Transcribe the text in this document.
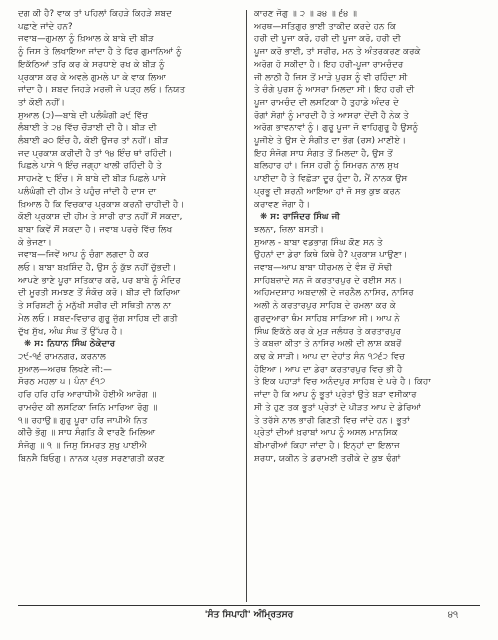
ਦਗ ਕੀ ਹੈ? ਵਾਕ ਤਾਂ ਪਹਿਲਾਂ ਕਿਹੜੇ ਕਿਹੜੇ ਸ਼ਬਦ
ਪਛਾਣੇ ਜਾਂਦੇ ਹਨ?
ਜਵਾਬ—ਗੁਮਲਾ ਨੂੰ ਖ਼ਿਆਲ ਕੇ ਬਾਬੇ ਦੀ ਬੀੜ
ਨੂੰ ਜਿਸ ਤੇ ਲਿਖਾਇਆ ਜਾਂਦਾ ਹੈ ਤੇ ਫਿਰ ਗੁਮਾਨਿਆਂ ਨੂੰ
ਇਕੱਠਿਆਂ ਤਰਿ ਕਰ ਕੇ ਸਰਧਾਏ ਰਖ ਕੇ ਬੀੜ ਨੂੰ
ਪ੍ਰਕਾਸ਼ ਕਰ ਕੇ ਅਵਲੇ ਗੁਮਲੇ ਪਾ ਕੇ ਵਾਕ ਲਿਆ
ਜਾਂਦਾ ਹੈ। ਸ਼ਬਦ ਜਿਹੜੇ ਮਰਜ਼ੀ ਜੇ ਪੜ੍ਹ ਲਓ। ਨਿਯਤ
ਤਾਂ ਕੋਈ ਨਹੀਂ।
ਸੁਆਲ (੨)—ਬਾਬੇ ਦੀ ਪਲੰਘੰਗੀ ੩੯ ਵਿੱਚ
ਲੰਬਾਈ ਤੇ ੨੪ ਵਿੱਚ ਚੌੜਾਈ ਦੀ ਹੈ। ਬੀੜ ਦੀ
ਲੰਬਾਈ ੩੦ ਇੰਚ ਹੈ, ਕੋਈ ਉਜਰ ਤਾਂ ਨਹੀਂ। ਬੀੜ
ਜਦ ਪ੍ਰਕਾਸ਼ ਕਰੀਦੀ ਹੈ ਤਾਂ ੧੪ ਇੰਚ ਥਾਂ ਰਹਿੰਦੀ।
ਪਿਛਲੇ ਪਾਸੇ ੧ ਇੰਚ ਜਗ੍ਹਾ ਖਾਲੀ ਰਹਿੰਦੀ ਹੈ ਤੇ
ਸਾਹਮਣੇ ੮ ਇੰਚ। ਸੋ ਬਾਬੇ ਦੀ ਬੀੜ ਪਿਛਲੇ ਪਾਸੇ
ਪਲੰਘੰਗੀ ਦੀ ਹੀਮ ਤੇ ਪਹੁੰਚ ਜਾਂਦੀ ਹੈ ਦਾਸ ਦਾ
ਖ਼ਿਆਲ ਹੈ ਕਿ ਵਿਚਕਾਰ ਪ੍ਰਕਾਸ਼ ਕਰਨੀ ਚਾਹੀਦੀ ਹੈ।
ਕੋਈ ਪ੍ਰਕਾਸ਼ ਦੀ ਹੀਮ ਤੇ ਸਾਰੀ ਰਾਤ ਨਹੀਂ ਸੌਂ ਸਕਦਾ,
ਬਾਬਾ ਕਿਵੇਂ ਸੌਂ ਸਕਦਾ ਹੈ। ਜਵਾਬ ਪਰਚੇ ਵਿੱਚ ਲਿਖ
ਕੇ ਭੇਜਣਾ।
ਜਵਾਬ—ਜਿਵੇਂ ਆਪ ਨੂੰ ਚੰਗਾ ਲਗਦਾ ਹੈ ਕਰ
ਲਓ। ਬਾਬਾ ਬਖ਼ਸ਼ਿੰਦ ਹੈ, ਉਸ ਨੂੰ ਕੁੱਝ ਨਹੀਂ ਚੁੱਭਦੀ।
ਆਪਣੇ ਭਾਣੇ ਪੂਰਾ ਸਤਿਕਾਰ ਕਰੋ, ਪਰ ਬਾਬੇ ਨੂੰ ਮੰਦਿਰ
ਦੀ ਮੂਰਤੀ ਸਮਝਣ ਤੋਂ ਸੰਕੋਚ ਕਰੋ। ਬੀੜ ਦੀ ਕਿਰਿਆ
ਤੇ ਸਰਿਸ਼ਟੀ ਨੂੰ ਮਨੁੱਖੀ ਸਰੀਰ ਦੀ ਸਥਿਤੀ ਨਾਲ ਨਾ
ਮੇਲ ਲਓ। ਸ਼ਬਦ-ਵਿਚਾਰ ਗੁਰੂ ਜੁੱਗ ਸਾਹਿਬ ਦੀ ਗਤੀ
ਦੁੱਖ ਸੁੱਖ, ਅੰਘ ਸੰਘ ਤੋਂ ਉੱਪਰ ਹੈ।
❋ ਸ: ਨਿਧਾਨ ਸਿੰਘ ਠੇਕੇਦਾਰ
੨੯-੧੬ ਰਾਮਨਗਰ, ਕਰਨਾਲ
ਸੁਆਲ—ਅਰਥ ਲਿਖਣੇ ਜੀ:—
ਸੋਰਠ ਮਹਲਾ ੫। ਪੰਨਾ ੬੧੭
ਹਰਿ ਹਰਿ ਹਰਿ ਆਰਾਧੀਐ ਹੋਈਐ ਆਰੋਗ ॥
ਰਾਮਚੰਦ ਕੀ ਲਸਟਿਕਾ ਜਿਨਿ ਮਾਰਿਆ ਰੋਗੁ ॥
੧॥ ਰਹਾਉ॥ ਗੁਰੁ ਪੂਰਾ ਹਰਿ ਜਾਪੀਐ ਨਿਤ
ਕੀਚੈ ਭੋਗੁ ॥ ਸਾਧ ਸੰਗਤਿ ਕੈ ਵਾਰਣੈ ਮਿਲਿਆ
ਸੰਜੋਗੁ ॥ ੧ ॥ ਜਿਸੁ ਸਿਮਰਤ ਸੁਖੁ ਪਾਈਐ
ਬਿਨਸੈ ਬਿਓਗੁ। ਨਾਨਕ ਪ੍ਰਭ ਸਰਣਾਗਤੀ ਕਰਣ
ਕਾਰਣ ਜੋਗੁ ॥ ੨ ॥ ੩੪ ॥ ੬੪ ॥
ਅਰਥ—ਸਤਿਗੁਰ ਭਾਈ ਤਾਕੀਦ ਕਰਦੇ ਹਨ ਕਿ
ਹਰੀ ਦੀ ਪੂਜਾ ਕਰੋ, ਹਰੀ ਦੀ ਪੂਜਾ ਕਰੋ, ਹਰੀ ਦੀ
ਪੂਜਾ ਕਰੋ ਭਾਈ, ਤਾਂ ਸਰੀਰ, ਮਨ ਤੇ ਅੰਤਰਕਰਣ ਕਰਕੇ
ਅਰੋਗ ਹੋ ਸਕੀਦਾ ਹੈ। ਇਹ ਹਰੀ-ਪੂਜਾ ਰਾਮਚੰਦਰ
ਜੀ ਲਾਠੀ ਹੈ ਜਿਸ ਤੋਂ ਮਾੜੇ ਪੁਰਸ਼ ਨੂੰ ਵੀ ਰਹਿੰਦਾ ਸੀ
ਤੇ ਚੰਗੇ ਪੁਰਸ਼ ਨੂੰ ਆਸਰਾ ਮਿਲਦਾ ਸੀ। ਇਹ ਹਰੀ ਦੀ
ਪੂਜਾ ਰਾਮਚੰਦ ਦੀ ਲਸਟਿਕਾ ਹੈ ਤੁਹਾਡੇ ਅੰਦਰ ਦੇ
ਰੋਗਾਂ ਸੋਗਾਂ ਨੂੰ ਮਾਰਦੀ ਹੈ ਤੇ ਆਸਰਾ ਦੇਂਦੀ ਹੈ ਨੇਕ ਤੇ
ਅਰੋਗ ਭਾਵਨਾਵਾਂ ਨੂੰ। ਗੁਰੂ ਪੂਜਾ ਜੋ ਵਾਹਿਗੁਰੂ ਹੈ ਉਸਨੂੰ
ਪੂਜੀਏ ਤੇ ਉਸ ਦੇ ਸੰਗੀਤ ਦਾ ਭੋਗ (ਰਸ) ਮਾਣੀਏ।
ਇਹ ਸੰਜੋਗ ਸਾਧ ਸੰਗਤ ਤੋਂ ਮਿਲਦਾ ਹੈ, ਉਸ ਤੋਂ
ਬਲਿਹਾਰ ਹਾਂ। ਜਿਸ ਹਰੀ ਨੂੰ ਸਿਮਰਨ ਨਾਲ ਸੁਖ
ਪਾਈਦਾ ਹੈ ਤੇ ਵਿਛੋੜਾ ਦੂਰ ਹੁੰਦਾ ਹੈ, ਮੈਂ ਨਾਨਕ ਉਸ
ਪ੍ਰਭੂ ਦੀ ਸ਼ਰਨੀ ਆਇਆ ਹਾਂ ਜੋ ਸਭ ਕੁਝ ਕਰਨ
ਕਰਾਵਣ ਜੋਗਾ ਹੈ।
❋ ਸ: ਰਾਜਿੰਦਰ ਸਿੰਘ ਜੀ
ਝਲਨਾ, ਜ਼ਿਲਾ ਬਸਤੀ।
ਸੁਆਲ - ਬਾਬਾ ਵਡਭਾਗ ਸਿੰਘ ਕੌਣ ਸਨ ਤੇ
ਉਹਨਾਂ ਦਾ ਡੇਰਾ ਕਿਥੇ ਕਿਥੇ ਹੈ? ਪ੍ਰਕਾਸ਼ ਪਾਉਣਾ।
ਜਵਾਬ—ਆਪ ਬਾਬਾ ਧੀਰਮਲ ਦੇ ਵੰਸ਼ ਚੋਂ ਸੋਢੀ
ਸਾਹਿਬਜ਼ਾਦੇ ਸਨ ਜੋ ਕਰਤਾਰਪੁਰ ਦੇ ਰਈਸ ਸਨ।
ਅਹਿਮਦਸ਼ਾਹ ਅਬਦਾਲੀ ਦੇ ਜਰਨੈਲ ਨਾਸਿਰ, ਨਾਸਿਰ
ਅਲੀ ਨੇ ਕਰਤਾਰਪੁਰ ਸਾਹਿਬ ਦੇ ਰਮਲਾ ਕਰ ਕੇ
ਗੁਰਦੁਆਰਾ ਥੰਮ ਸਾਹਿਬ ਸਾੜਿਆ ਸੀ। ਆਪ ਨੇ
ਸਿੰਘ ਇਕੱਠੇ ਕਰ ਕੇ ਮੁੜ ਜਲੰਧਰ ਤੇ ਕਰਤਾਰਪੁਰ
ਤੇ ਕਬਜ਼ਾ ਕੀਤਾ ਤੇ ਨਾਸਿਰ ਅਲੀ ਦੀ ਲਾਸ਼ ਕਬਰੋਂ
ਕਢ ਕੇ ਸਾੜੀ। ਆਪ ਦਾ ਦੇਹਾਂਤ ਸੰਨ ੧੭੬੨ ਵਿਚ
ਹੋਇਆ। ਆਪ ਦਾ ਡੇਰਾ ਕਰਤਾਰਪੁਰ ਵਿਚ ਭੀ ਹੈ
ਤੇ ਇਕ ਪਹਾੜਾਂ ਵਿਚ ਅਨੰਦਪੁਰ ਸਾਹਿਬ ਦੇ ਪਰੇ ਹੈ। ਕਿਹਾ
ਜਾਂਦਾ ਹੈ ਕਿ ਆਪ ਨੂੰ ਭੂਤਾਂ ਪ੍ਰੇਤਾਂ ਉਤੇ ਬੜਾ ਵਸੀਕਾਰ
ਸੀ ਤੇ ਹੁਣ ਤਕ ਭੂਤਾਂ ਪ੍ਰੇਤਾਂ ਦੇ ਪੀੜਤ ਆਪ ਦੇ ਡੇਰਿਆਂ
ਤੇ ਤਰੱਸੇ ਨਾਲ ਭਾਰੀ ਗਿਣਤੀ ਵਿਚ ਜਾਂਦੇ ਹਨ। ਭੂਤਾਂ
ਪ੍ਰੇਤਾਂ ਦੀਆਂ ਖ਼ਰਾਬਾਂ ਆਪ ਨੂੰ ਅਸਲ ਮਾਨਸਿਕ
ਬੀਮਾਰੀਆਂ ਕਿਹਾ ਜਾਂਦਾ ਹੈ। ਇਨ੍ਹਾਂ ਦਾ ਇਲਾਜ
ਸ਼ਰਧਾ, ਯਕੀਨ ਤੇ ਡਰਾਮਈ ਤਰੀਕੇ ਦੇ ਕੁਝ ਢੰਗਾਂ
'ਸੰਤ ਸਿਪਾਹੀ' ਅੰਮ੍ਰਿਤਸਰ	੪੧
